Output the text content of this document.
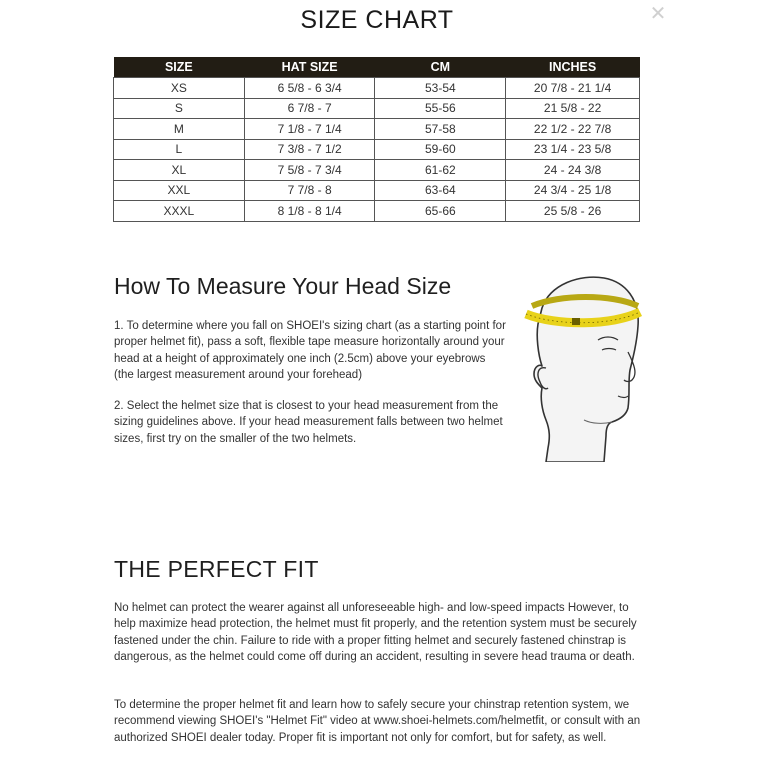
✕
SIZE CHART
SIZE	HAT SIZE	CM	INCHES
XS	6 5/8 - 6 3/4	53-54	20 7/8 - 21 1/4
S	6 7/8 - 7	55-56	21 5/8 - 22
M	7 1/8 - 7 1/4	57-58	22 1/2 - 22 7/8
L	7 3/8 - 7 1/2	59-60	23 1/4 - 23 5/8
XL	7 5/8 - 7 3/4	61-62	24 - 24 3/8
XXL	7 7/8 - 8	63-64	24 3/4 - 25 1/8
XXXL	8 1/8 - 8 1/4	65-66	25 5/8 - 26
How To Measure Your Head Size
1. To determine where you fall on SHOEI's sizing chart (as a starting point for proper helmet fit), pass a soft, flexible tape measure horizontally around your head at a height of approximately one inch (2.5cm) above your eyebrows (the largest measurement around your forehead)
2. Select the helmet size that is closest to your head measurement from the sizing guidelines above. If your head measurement falls between two helmet sizes, first try on the smaller of the two helmets.
THE PERFECT FIT
No helmet can protect the wearer against all unforeseeable high- and low-speed impacts However, to help maximize head protection, the helmet must fit properly, and the retention system must be securely fastened under the chin. Failure to ride with a proper fitting helmet and securely fastened chinstrap is dangerous, as the helmet could come off during an accident, resulting in severe head trauma or death.
To determine the proper helmet fit and learn how to safely secure your chinstrap retention system, we recommend viewing SHOEI's "Helmet Fit" video at www.shoei-helmets.com/helmetfit, or consult with an authorized SHOEI dealer today. Proper fit is important not only for comfort, but for safety, as well.
